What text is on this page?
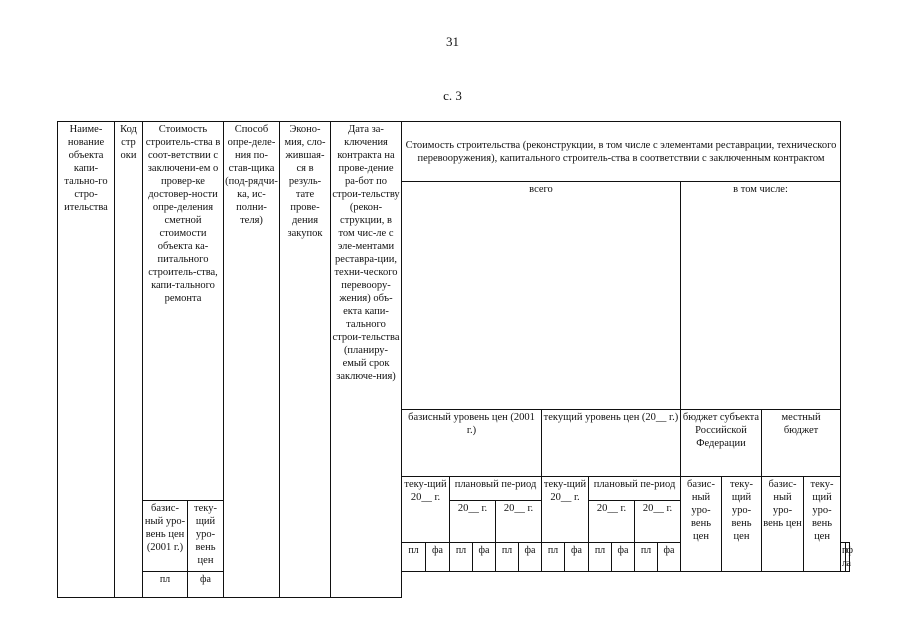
31
с. 3
Наиме-нование объекта капи-тально-го стро-ительства	Код стр оки	Стоимость строитель-ства в соот-ветствии с заключени-ем о провер-ке достовер-ности опре-деления сметной стоимости объекта ка-питального строитель-ства, капи-тального ремонта		Способ опре-деле-ния по-став-щика (под-рядчи-ка, ис-полни-теля)	Эконо-мия, сло-жившая-ся в резуль-тате прове-дения закупок	Дата за-ключения контракта на прове-дение ра-бот по строи-тельству (рекон-струкции, в том чис-ле с эле-ментами реставра-ции, техни-ческого перевоору-жения) объ-екта капи-тального строи-тельства (планиру-емый срок заключе-ния)	Стоимость строительства (реконструкции, в том числе с элементами реставрации, технического перевооружения), капитального строитель-ства в соответствии с заключенным контрактом																	
							всего												в том числе:					
							базисный уровень цен (2001 г.)						текущий уровень цен (20__ г.)						бюджет субъекта Российской Федерации		местный бюджет			
							теку-щий 20__ г.		плановый пе-риод				теку-щий 20__ г.		плановый пе-риод				базис-ный уро-вень цен	теку-щий уро-вень цен	базис-ный уро-вень цен	теку-щий уро-вень цен		
		базис-ный уро-вень цен (2001 г.)	теку-щий уро-вень цен						20__ г.		20__ г.				20__ г.		20__ г.							
							пл	фа	пл	фа	пл	фа	пл	фа	пл	фа	пл	фа					пл	фа
		пл	фа																					
